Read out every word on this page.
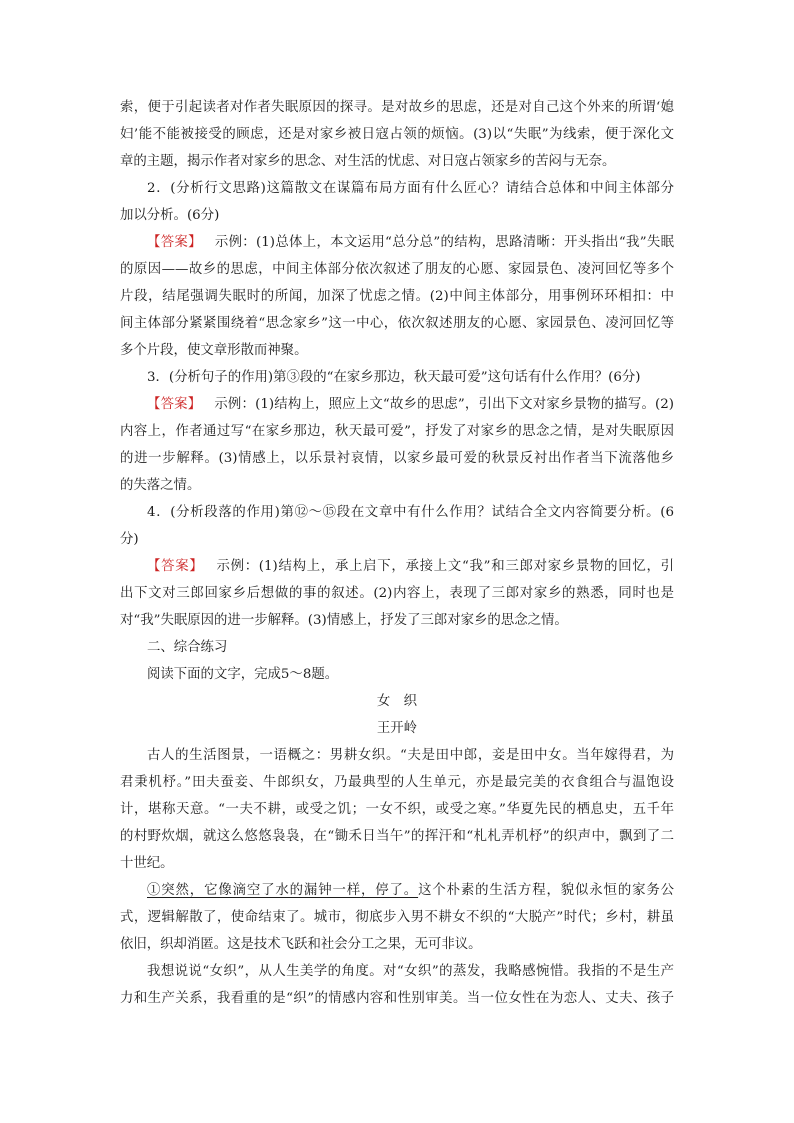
索，便于引起读者对作者失眠原因的探寻。是对故乡的思虑，还是对自己这个外来的所谓‘媳
妇’能不能被接受的顾虑，还是对家乡被日寇占领的烦恼。(3)以“失眠”为线索，便于深化文
章的主题，揭示作者对家乡的思念、对生活的忧虑、对日寇占领家乡的苦闷与无奈。
2．(分析行文思路)这篇散文在谋篇布局方面有什么匠心？请结合总体和中间主体部分
加以分析。(6分)
【答案】 示例：(1)总体上，本文运用“总分总”的结构，思路清晰：开头指出“我”失眠
的原因——故乡的思虑，中间主体部分依次叙述了朋友的心愿、家园景色、凌河回忆等多个
片段，结尾强调失眠时的所闻，加深了忧虑之情。(2)中间主体部分，用事例环环相扣：中
间主体部分紧紧围绕着“思念家乡”这一中心，依次叙述朋友的心愿、家园景色、凌河回忆等
多个片段，使文章形散而神聚。
3．(分析句子的作用)第③段的“在家乡那边，秋天最可爱”这句话有什么作用？(6分)
【答案】 示例：(1)结构上，照应上文“故乡的思虑”，引出下文对家乡景物的描写。(2)
内容上，作者通过写“在家乡那边，秋天最可爱”，抒发了对家乡的思念之情，是对失眠原因
的进一步解释。(3)情感上，以乐景衬哀情，以家乡最可爱的秋景反衬出作者当下流落他乡
的失落之情。
4．(分析段落的作用)第⑫～⑮段在文章中有什么作用？试结合全文内容简要分析。(6
分)
【答案】 示例：(1)结构上，承上启下，承接上文“我”和三郎对家乡景物的回忆，引
出下文对三郎回家乡后想做的事的叙述。(2)内容上，表现了三郎对家乡的熟悉，同时也是
对“我”失眠原因的进一步解释。(3)情感上，抒发了三郎对家乡的思念之情。
二、综合练习
阅读下面的文字，完成5～8题。
女　织
王开岭
古人的生活图景，一语概之：男耕女织。“夫是田中郎，妾是田中女。当年嫁得君，为
君秉机杼。”田夫蚕妾、牛郎织女，乃最典型的人生单元，亦是最完美的衣食组合与温饱设
计，堪称天意。“一夫不耕，或受之饥；一女不织，或受之寒。”华夏先民的栖息史，五千年
的村野炊烟，就这么悠悠袅袅，在“锄禾日当午”的挥汗和“札札弄机杼”的织声中，飘到了二
十世纪。
①突然，它像滴空了水的漏钟一样，停了。这个朴素的生活方程，貌似永恒的家务公
式，逻辑解散了，使命结束了。城市，彻底步入男不耕女不织的“大脱产”时代；乡村，耕虽
依旧，织却消匿。这是技术飞跃和社会分工之果，无可非议。
我想说说“女织”，从人生美学的角度。对“女织”的蒸发，我略感惋惜。我指的不是生产
力和生产关系，我看重的是“织”的情感内容和性别审美。当一位女性在为恋人、丈夫、孩子
